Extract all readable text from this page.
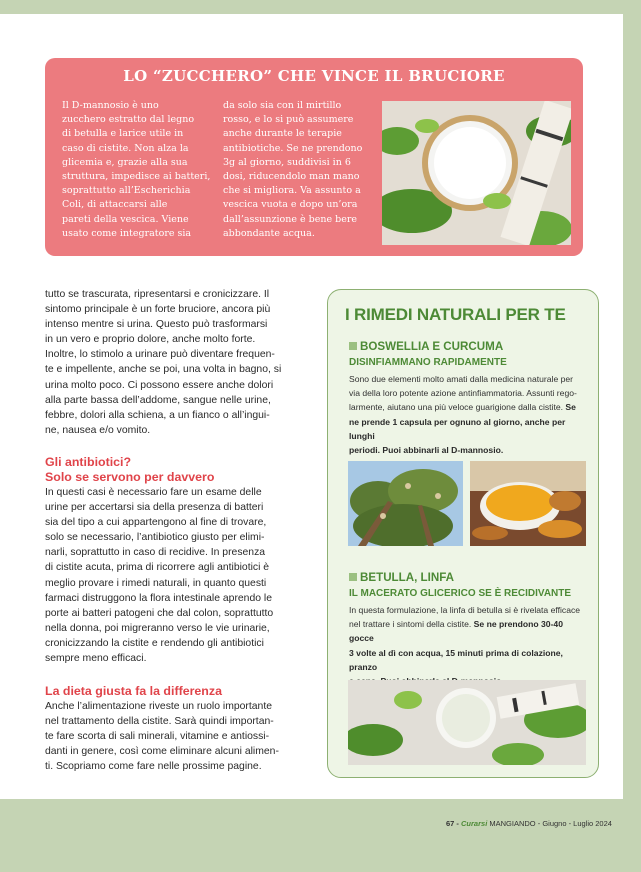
LO “ZUCCHERO” CHE VINCE IL BRUCIORE
Il D-mannosio è uno
zucchero estratto dal legno
di betulla e larice utile in
caso di cistite. Non alza la
glicemia e, grazie alla sua
struttura, impedisce ai batteri,
soprattutto all’Escherichia
Coli, di attaccarsi alle
pareti della vescica. Viene
usato come integratore sia
da solo sia con il mirtillo
rosso, e lo si può assumere
anche durante le terapie
antibiotiche. Se ne prendono
3g al giorno, suddivisi in 6
dosi, riducendolo man mano
che si migliora. Va assunto a
vescica vuota e dopo un’ora
dall’assunzione è bene bere
abbondante acqua.
tutto se trascurata, ripresentarsi e cronicizzare. Il
sintomo principale è un forte bruciore, ancora più
intenso mentre si urina. Questo può trasformarsi
in un vero e proprio dolore, anche molto forte.
Inoltre, lo stimolo a urinare può diventare frequen-
te e impellente, anche se poi, una volta in bagno, si
urina molto poco. Ci possono essere anche dolori
alla parte bassa dell’addome, sangue nelle urine,
febbre, dolori alla schiena, a un fianco o all’ingui-
ne, nausea e/o vomito.
Gli antibiotici?
Solo se servono per davvero
In questi casi è necessario fare un esame delle
urine per accertarsi sia della presenza di batteri
sia del tipo a cui appartengono al fine di trovare,
solo se necessario, l’antibiotico giusto per elimi-
narli, soprattutto in caso di recidive. In presenza
di cistite acuta, prima di ricorrere agli antibiotici è
meglio provare i rimedi naturali, in quanto questi
farmaci distruggono la flora intestinale aprendo le
porte ai batteri patogeni che dal colon, soprattutto
nella donna, poi migreranno verso le vie urinarie,
cronicizzando la cistite e rendendo gli antibiotici
sempre meno efficaci.
La dieta giusta fa la differenza
Anche l’alimentazione riveste un ruolo importante
nel trattamento della cistite. Sarà quindi importan-
te fare scorta di sali minerali, vitamine e antiossi-
danti in genere, così come eliminare alcuni alimen-
ti. Scopriamo come fare nelle prossime pagine.
I RIMEDI NATURALI PER TE
BOSWELLIA E CURCUMA
DISINFIAMMANO RAPIDAMENTE
Sono due elementi molto amati dalla medicina naturale per
via della loro potente azione antinfiammatoria. Assunti rego-
larmente, aiutano una più veloce guarigione dalla cistite. Se
ne prende 1 capsula per ognuno al giorno, anche per lunghi
periodi. Puoi abbinarli al D-mannosio.
BETULLA, LINFA
IL MACERATO GLICERICO SE È RECIDIVANTE
In questa formulazione, la linfa di betulla si è rivelata efficace
nel trattare i sintomi della cistite. Se ne prendono 30-40 gocce
3 volte al dì con acqua, 15 minuti prima di colazione, pranzo
67 - Curarsi MANGIANDO - Giugno - Luglio 2024
